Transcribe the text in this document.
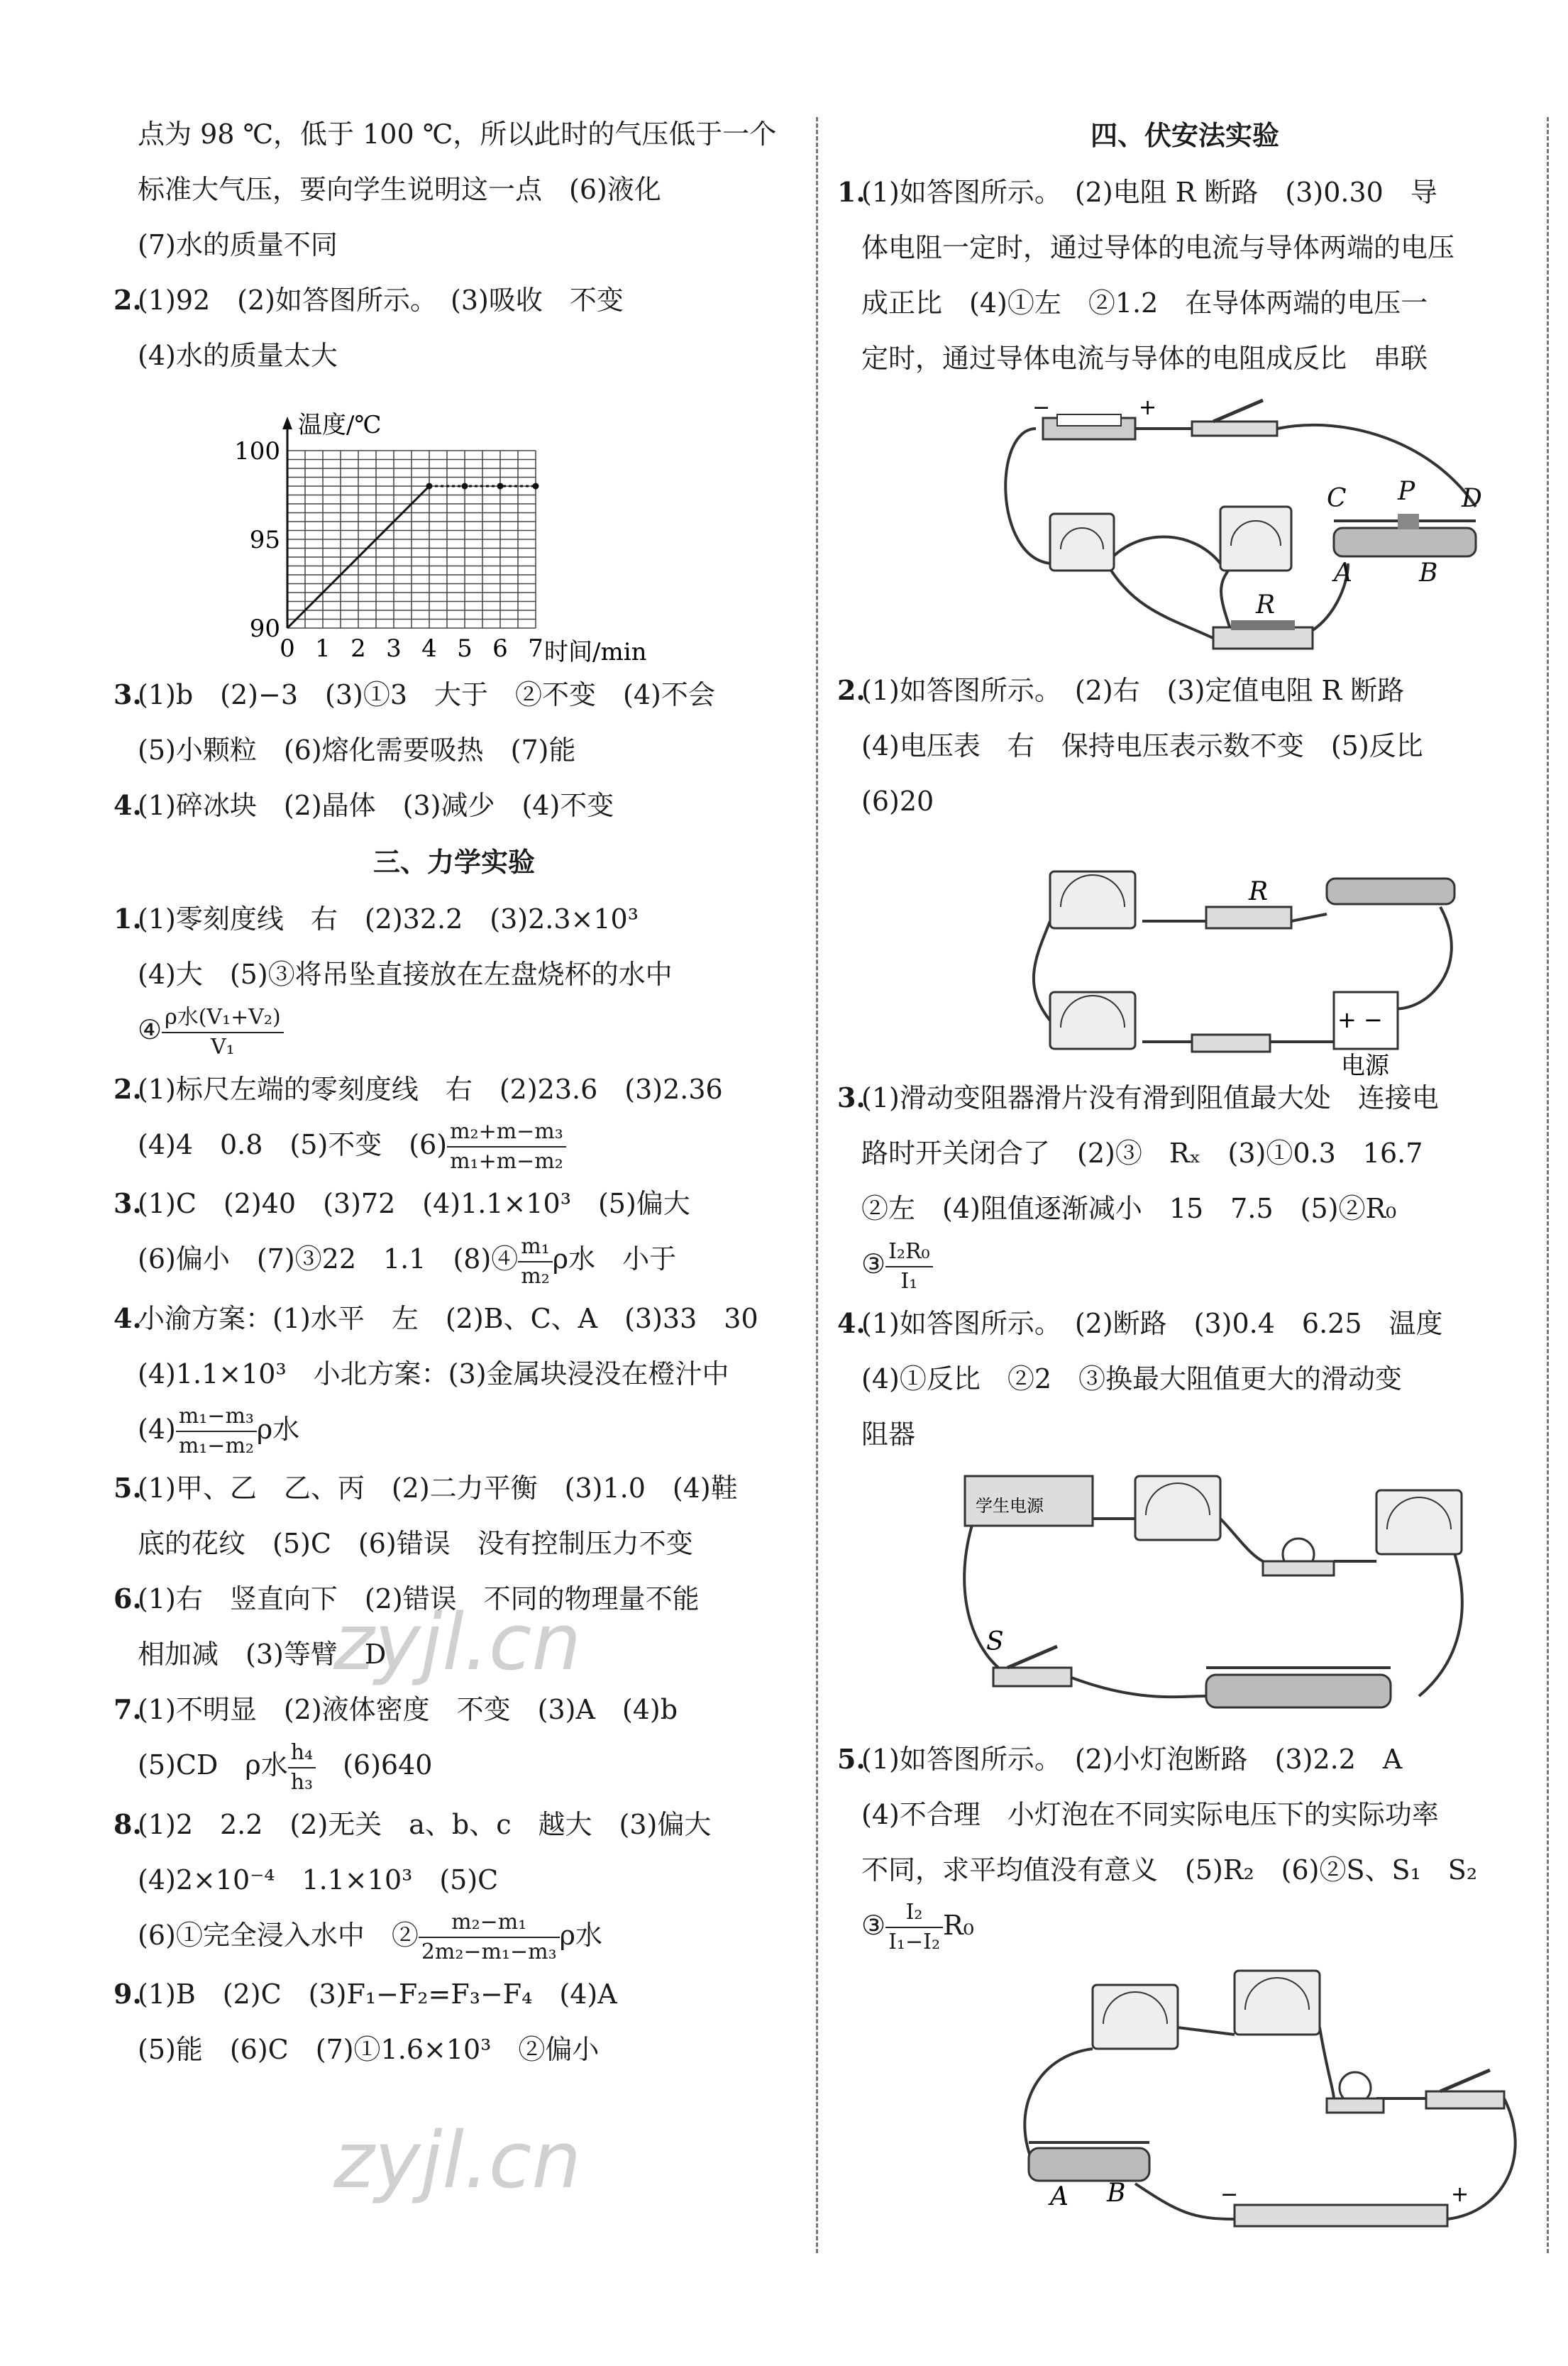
点为 98 ℃，低于 100 ℃，所以此时的气压低于一个
标准大气压，要向学生说明这一点　(6)液化
(7)水的质量不同
2.(1)92　(2)如答图所示。　(3)吸收　不变
(4)水的质量太大
90
95
100
0 1 2 3 4 5 6 7
温度/℃
时间/min
3.(1)b　(2)−3　(3)①3　大于　②不变　(4)不会
(5)小颗粒　(6)熔化需要吸热　(7)能
4.(1)碎冰块　(2)晶体　(3)减少　(4)不变
三、力学实验
1.(1)零刻度线　右　(2)32.2　(3)2.3×10³
(4)大　(5)③将吊坠直接放在左盘烧杯的水中
④ $\frac{\text{ρ水(V₁+V₂)}}{\text{V₁}}$
2.(1)标尺左端的零刻度线　右　(2)23.6　(3)2.36
(4)4　0.8　(5)不变　$(6) \frac{\text{m₂+m−m₃}}{\text{m₁+m−m₂}}$
3.(1)C　(2)40　(3)72　(4)1.1×10³　(5)偏大
(6)偏小　(7)③22　1.1　(8)④ $\frac{\text{m₁}}{\text{m₂}}$ ρ水　小于
4.小渝方案：(1)水平　左　(2)B、C、A　(3)33　30
(4)1.1×10³　小北方案：(3)金属块浸没在橙汁中
$(4) \frac{\text{m₁−m₃}}{\text{m₁−m₂}}$ ρ水
5.(1)甲、乙　乙、丙　(2)二力平衡　(3)1.0　(4)鞋
底的花纹　(5)C　(6)错误　没有控制压力不变
6.(1)右　竖直向下　(2)错误　不同的物理量不能
相加减　(3)等臂　D
7.(1)不明显　(2)液体密度　不变　(3)A　(4)b
(5)CD　ρ水 $\frac{\text{h₄}}{\text{h₃}}$
　 (6)640
8.(1)2　2.2　(2)无关　a、b、c　越大　(3)偏大
(4)2×10⁻⁴　1.1×10³　(5)C
(6)①完全浸入水中　② $\frac{\text{m₂−m₁}}{\text{2m₂−m₁−m₃}}$ ρ水
9.(1)B　(2)C　(3)F₁−F₂=F₃−F₄　(4)A
(5)能　(6)C　(7)①1.6×10³　②偏小
四、伏安法实验
1.(1)如答图所示。　(2)电阻 R 断路　(3)0.30　导
体电阻一定时，通过导体的电流与导体两端的电压
成正比　(4)①左　②1.2　在导体两端的电压一
定时，通过导体电流与导体的电阻成反比　串联
−	+
C P D
A	B
R
2.(1)如答图所示。　(2)右　(3)定值电阻 R 断路
(4)电压表　右　保持电压表示数不变　(5)反比
(6)20
R
+ −
电源
3.(1)滑动变阻器滑片没有滑到阻值最大处　连接电
路时开关闭合了　(2)③　Rₓ　(3)①0.3　16.7
②左　(4)阻值逐渐减小　15　7.5　(5)②R₀
③ $\frac{\text{I₂R₀}}{\text{I₁}}$
4.(1)如答图所示。　(2)断路　(3)0.4　6.25　温度
(4)①反比　②2　③换最大阻值更大的滑动变
阻器
学生电源
S
5.(1)如答图所示。　(2)小灯泡断路　(3)2.2　A
(4)不合理　小灯泡在不同实际电压下的实际功率
不同，求平均值没有意义　(5)R₂　(6)②S、S₁　S₂
③ $\frac{\text{I₂}}{\text{I₁−I₂}} R_0$
−	+
A B
zyjl.cn
zyjl.cn
